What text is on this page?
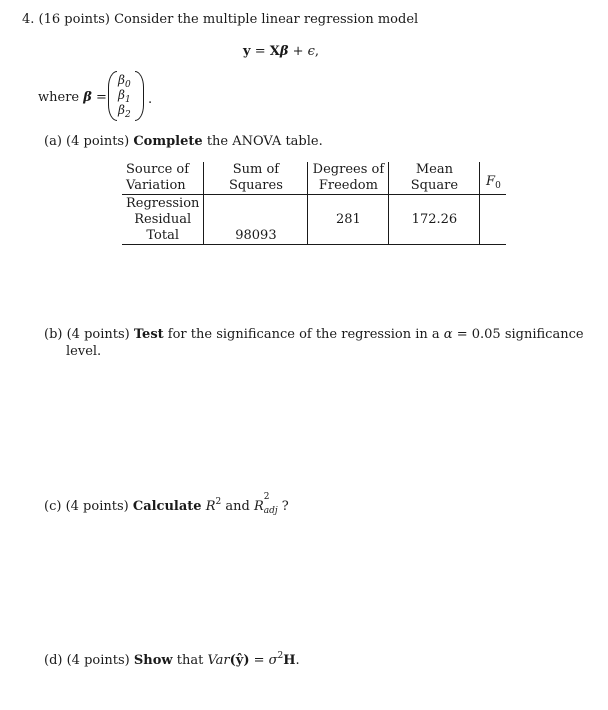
4. (16 points) Consider the multiple linear regression model
y = Xβ + ϵ,
where β =
$\beta_0$
$\beta_1$
$\beta_2$
.
(a) (4 points) Complete the ANOVA table.
Source of
Variation	Sum of Squares	Degrees of
Freedom	Mean Square	$F_0$
Regression				
Residual		281	172.26	
Total	98093			
(b) (4 points) Test for the significance of the regression in a α = 0.05 significance
level.
(c) (4 points) Calculate $R^2$ and R
2
adj ?
(d) (4 points) Show that Var(ŷ) = $\sigma^2H$.
